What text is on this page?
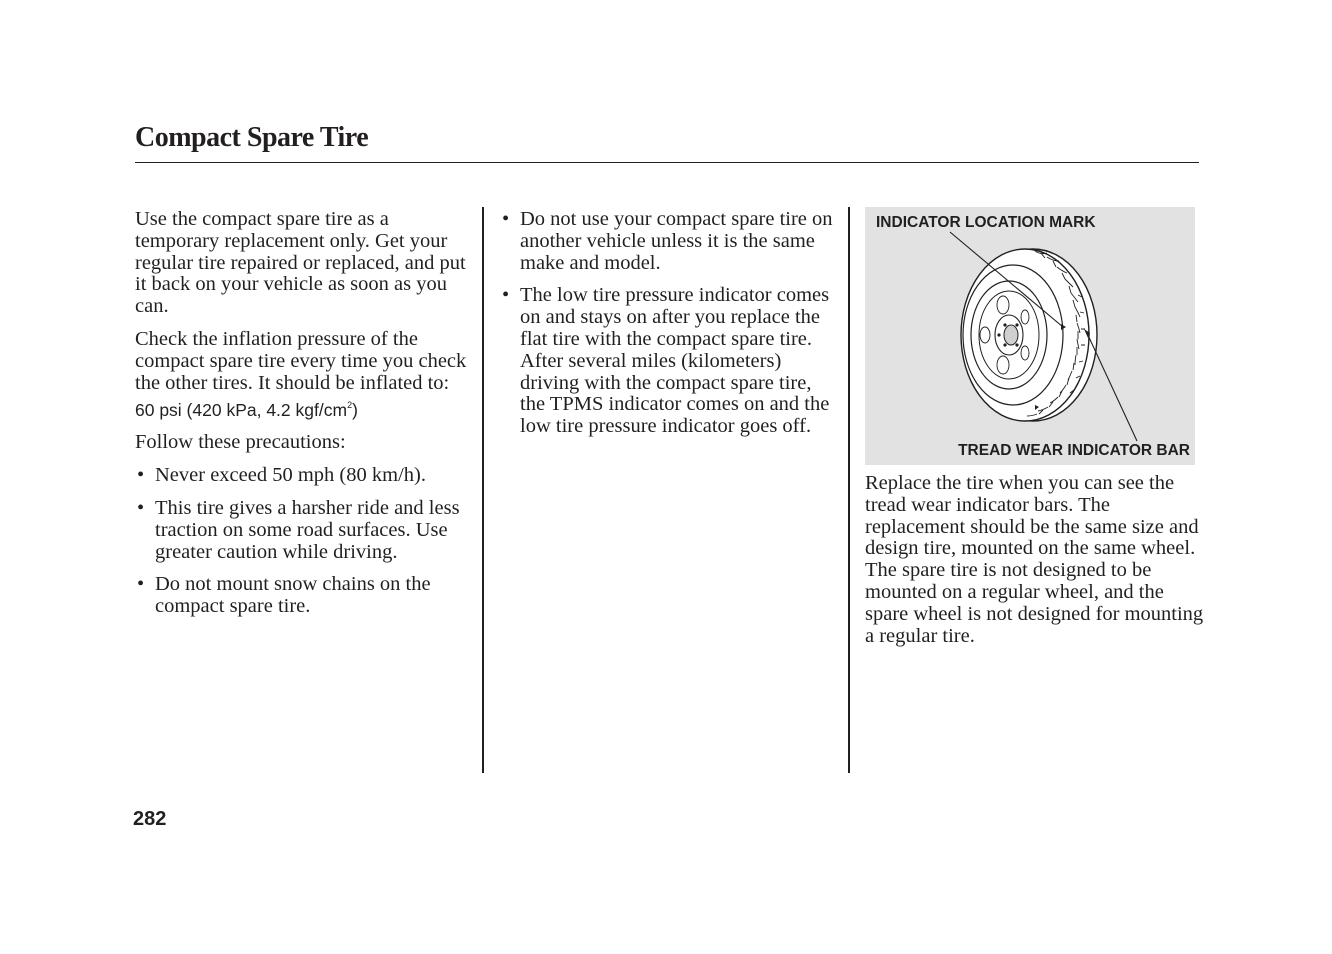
Compact Spare Tire

Use the compact spare tire as a temporary replacement only. Get your regular tire repaired or replaced, and put it back on your vehicle as soon as you can.

Check the inflation pressure of the compact spare tire every time you check the other tires. It should be inflated to:
60 psi (420 kPa, 4.2 kgf/$cm^2$)

Follow these precautions:

• Never exceed 50 mph (80 km/h).
• This tire gives a harsher ride and less traction on some road surfaces. Use greater caution while driving.
• Do not mount snow chains on the compact spare tire.
• Do not use your compact spare tire on another vehicle unless it is the same make and model.
• The low tire pressure indicator comes on and stays on after you replace the flat tire with the compact spare tire. After several miles (kilometers) driving with the compact spare tire, the TPMS indicator comes on and the low tire pressure indicator goes off.
INDICATOR LOCATION MARK
TREAD WEAR INDICATOR BAR
Replace the tire when you can see the tread wear indicator bars. The replacement should be the same size and design tire, mounted on the same wheel. The spare tire is not designed to be mounted on a regular wheel, and the spare wheel is not designed for mounting a regular tire.
282
